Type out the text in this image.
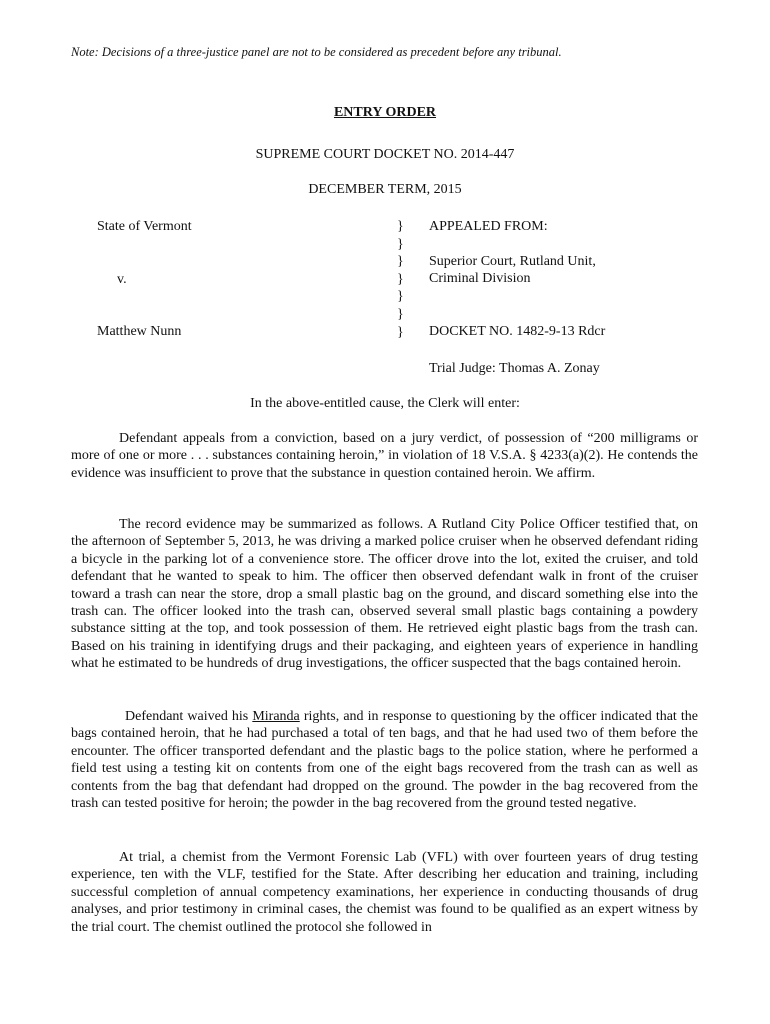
Note: Decisions of a three-justice panel are not to be considered as precedent before any tribunal.
ENTRY ORDER
SUPREME COURT DOCKET NO. 2014-447
DECEMBER TERM, 2015
State of Vermont
v.
Matthew Nunn
}
}
}
}
}
}
}
APPEALED FROM:
Superior Court, Rutland Unit,
Criminal Division
DOCKET NO. 1482-9-13 Rdcr
Trial Judge: Thomas A. Zonay
In the above-entitled cause, the Clerk will enter:

Defendant appeals from a conviction, based on a jury verdict, of possession of “200 milligrams or more of one or more . . . substances containing heroin,” in violation of 18 V.S.A. § 4233(a)(2). He contends the evidence was insufficient to prove that the substance in question contained heroin. We affirm.

The record evidence may be summarized as follows. A Rutland City Police Officer testified that, on the afternoon of September 5, 2013, he was driving a marked police cruiser when he observed defendant riding a bicycle in the parking lot of a convenience store. The officer drove into the lot, exited the cruiser, and told defendant that he wanted to speak to him. The officer then observed defendant walk in front of the cruiser toward a trash can near the store, drop a small plastic bag on the ground, and discard something else into the trash can. The officer looked into the trash can, observed several small plastic bags containing a powdery substance sitting at the top, and took possession of them. He retrieved eight plastic bags from the trash can. Based on his training in identifying drugs and their packaging, and eighteen years of experience in handling what he estimated to be hundreds of drug investigations, the officer suspected that the bags contained heroin.

Defendant waived his Miranda rights, and in response to questioning by the officer indicated that the bags contained heroin, that he had purchased a total of ten bags, and that he had used two of them before the encounter. The officer transported defendant and the plastic bags to the police station, where he performed a field test using a testing kit on contents from one of the eight bags recovered from the trash can as well as contents from the bag that defendant had dropped on the ground. The powder in the bag recovered from the trash can tested positive for heroin; the powder in the bag recovered from the ground tested negative.

At trial, a chemist from the Vermont Forensic Lab (VFL) with over fourteen years of drug testing experience, ten with the VLF, testified for the State. After describing her education and training, including successful completion of annual competency examinations, her experience in conducting thousands of drug analyses, and prior testimony in criminal cases, the chemist was found to be qualified as an expert witness by the trial court. The chemist outlined the protocol she followed in
